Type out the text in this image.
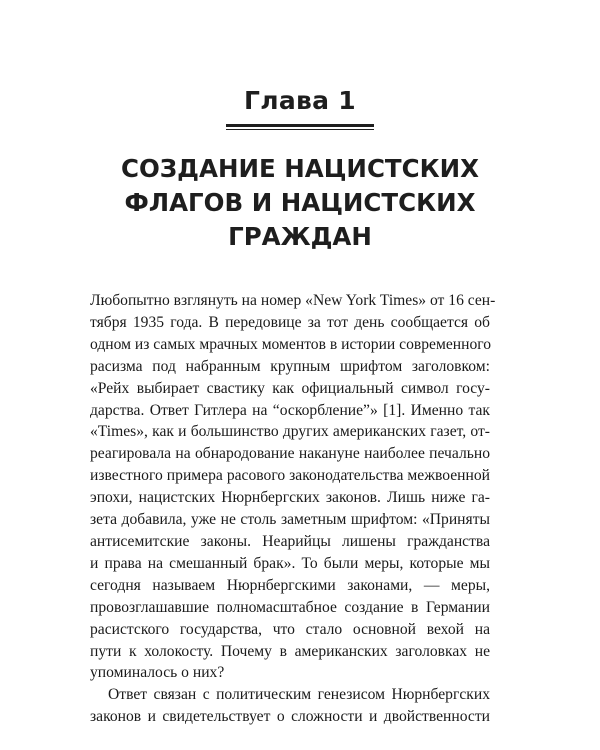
Глава 1
СОЗДАНИЕ НАЦИСТСКИХ
ФЛАГОВ И НАЦИСТСКИХ
ГРАЖДАН
Любопытно взглянуть на номер «New York Times» от 16 сен-
тября 1935 года. В передовице за тот день сообщается об
одном из самых мрачных моментов в истории современного
расизма под набранным крупным шрифтом заголовком:
«Рейх выбирает свастику как официальный символ госу-
дарства. Ответ Гитлера на “оскорбление”» [1]. Именно так
«Times», как и большинство других американских газет, от-
реагировала на обнародование накануне наиболее печально
известного примера расового законодательства межвоенной
эпохи, нацистских Нюрнбергских законов. Лишь ниже га-
зета добавила, уже не столь заметным шрифтом: «Приняты
антисемитские законы. Неарийцы лишены гражданства
и права на смешанный брак». То были меры, которые мы
сегодня называем Нюрнбергскими законами, — меры,
провозглашавшие полномасштабное создание в Германии
расистского государства, что стало основной вехой на
пути к холокосту. Почему в американских заголовках не
упоминалось о них?
Ответ связан с политическим генезисом Нюрнбергских
законов и свидетельствует о сложности и двойственности
